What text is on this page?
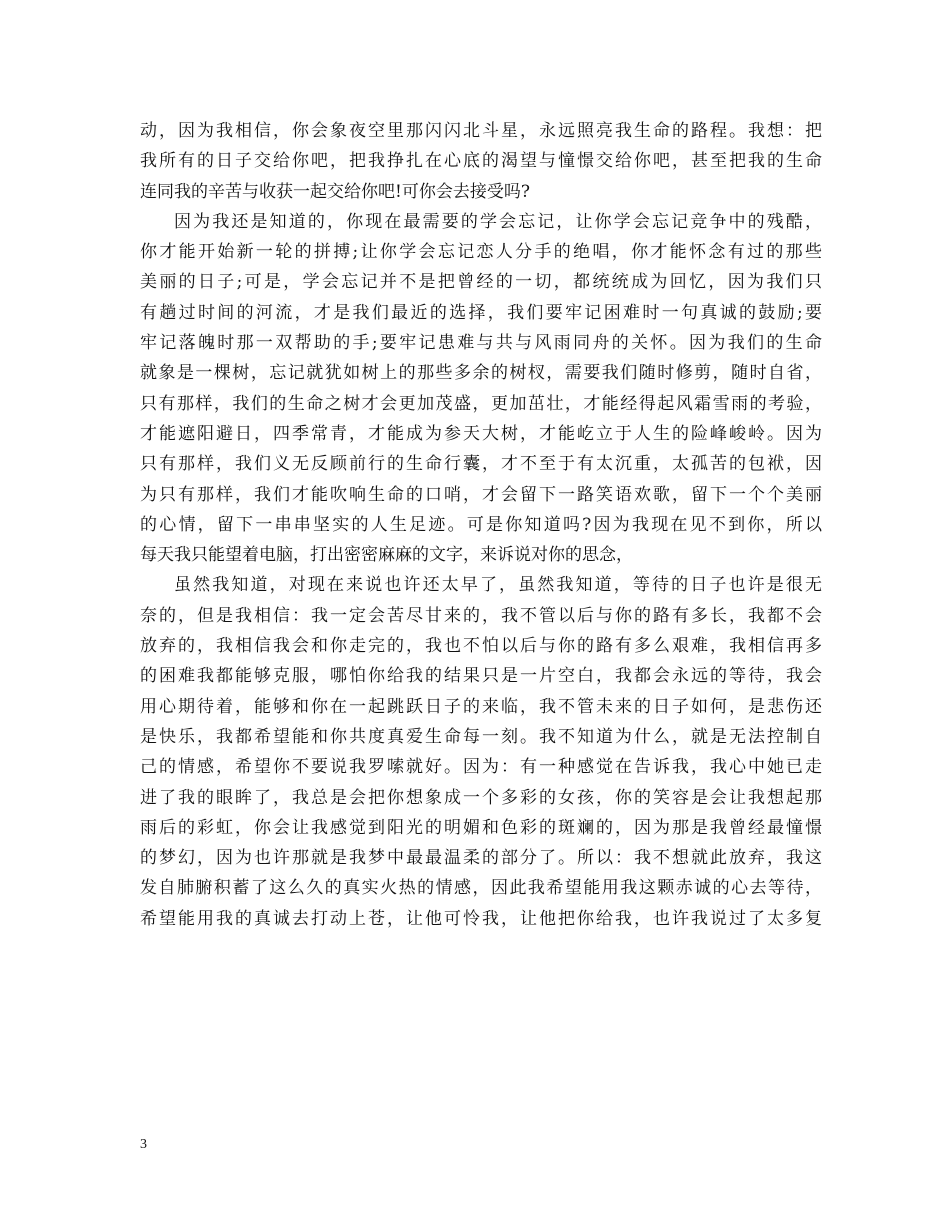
动，因为我相信，你会象夜空里那闪闪北斗星，永远照亮我生命的路程。我想：把
我所有的日子交给你吧，把我挣扎在心底的渴望与憧憬交给你吧，甚至把我的生命
连同我的辛苦与收获一起交给你吧!可你会去接受吗?
因为我还是知道的，你现在最需要的学会忘记，让你学会忘记竞争中的残酷，
你才能开始新一轮的拼搏;让你学会忘记恋人分手的绝唱，你才能怀念有过的那些
美丽的日子;可是，学会忘记并不是把曾经的一切，都统统成为回忆，因为我们只
有趟过时间的河流，才是我们最近的选择，我们要牢记困难时一句真诚的鼓励;要
牢记落魄时那一双帮助的手;要牢记患难与共与风雨同舟的关怀。因为我们的生命
就象是一棵树，忘记就犹如树上的那些多余的树杈，需要我们随时修剪，随时自省，
只有那样，我们的生命之树才会更加茂盛，更加茁壮，才能经得起风霜雪雨的考验，
才能遮阳避日，四季常青，才能成为参天大树，才能屹立于人生的险峰峻岭。因为
只有那样，我们义无反顾前行的生命行囊，才不至于有太沉重，太孤苦的包袱，因
为只有那样，我们才能吹响生命的口哨，才会留下一路笑语欢歌，留下一个个美丽
的心情，留下一串串坚实的人生足迹。可是你知道吗?因为我现在见不到你，所以
每天我只能望着电脑，打出密密麻麻的文字，来诉说对你的思念，
虽然我知道，对现在来说也许还太早了，虽然我知道，等待的日子也许是很无
奈的，但是我相信：我一定会苦尽甘来的，我不管以后与你的路有多长，我都不会
放弃的，我相信我会和你走完的，我也不怕以后与你的路有多么艰难，我相信再多
的困难我都能够克服，哪怕你给我的结果只是一片空白，我都会永远的等待，我会
用心期待着，能够和你在一起跳跃日子的来临，我不管未来的日子如何，是悲伤还
是快乐，我都希望能和你共度真爱生命每一刻。我不知道为什么，就是无法控制自
己的情感，希望你不要说我罗嗦就好。因为：有一种感觉在告诉我，我心中她已走
进了我的眼眸了，我总是会把你想象成一个多彩的女孩，你的笑容是会让我想起那
雨后的彩虹，你会让我感觉到阳光的明媚和色彩的斑斓的，因为那是我曾经最憧憬
的梦幻，因为也许那就是我梦中最最温柔的部分了。所以：我不想就此放弃，我这
发自肺腑积蓄了这么久的真实火热的情感，因此我希望能用我这颗赤诚的心去等待，
希望能用我的真诚去打动上苍，让他可怜我，让他把你给我，也许我说过了太多复
3
